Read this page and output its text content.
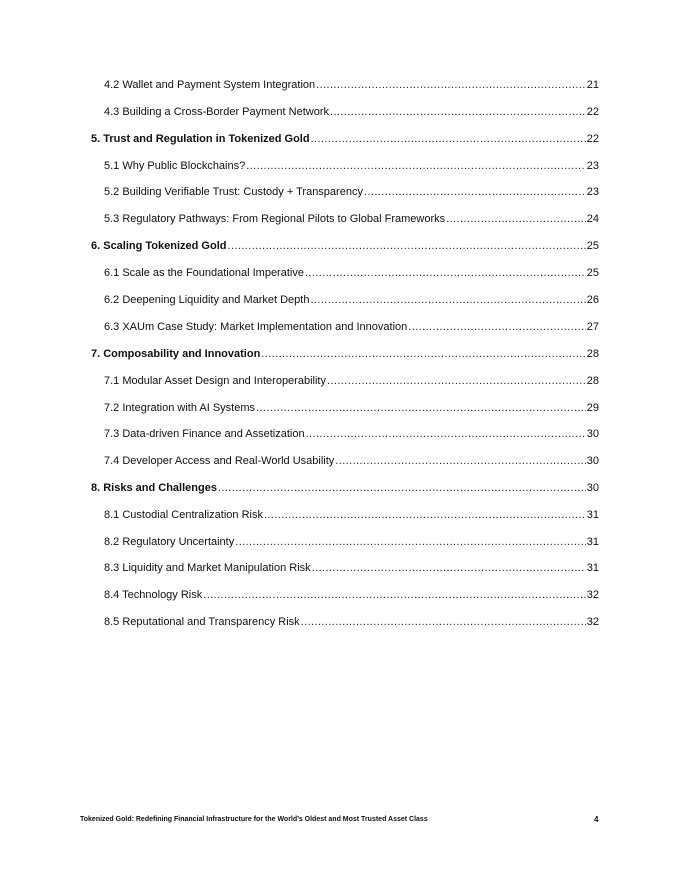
4.2 Wallet and Payment System Integration .....	21
4.3 Building a Cross-Border Payment Network .....	22
5. Trust and Regulation in Tokenized Gold .....	22
5.1 Why Public Blockchains? .....	23
5.2 Building Verifiable Trust: Custody + Transparency .....	23
5.3 Regulatory Pathways: From Regional Pilots to Global Frameworks .....	24
6. Scaling Tokenized Gold .....	25
6.1 Scale as the Foundational Imperative .....	25
6.2 Deepening Liquidity and Market Depth .....	26
6.3 XAUm Case Study: Market Implementation and Innovation .....	27
7. Composability and Innovation .....	28
7.1 Modular Asset Design and Interoperability .....	28
7.2 Integration with AI Systems .....	29
7.3 Data-driven Finance and Assetization .....	30
7.4 Developer Access and Real-World Usability .....	30
8. Risks and Challenges .....	30
8.1 Custodial Centralization Risk .....	31
8.2 Regulatory Uncertainty .....	31
8.3 Liquidity and Market Manipulation Risk .....	31
8.4 Technology Risk .....	32
8.5 Reputational and Transparency Risk .....	32
Tokenized Gold: Redefining Financial Infrastructure for the World’s Oldest and Most Trusted Asset Class	4
